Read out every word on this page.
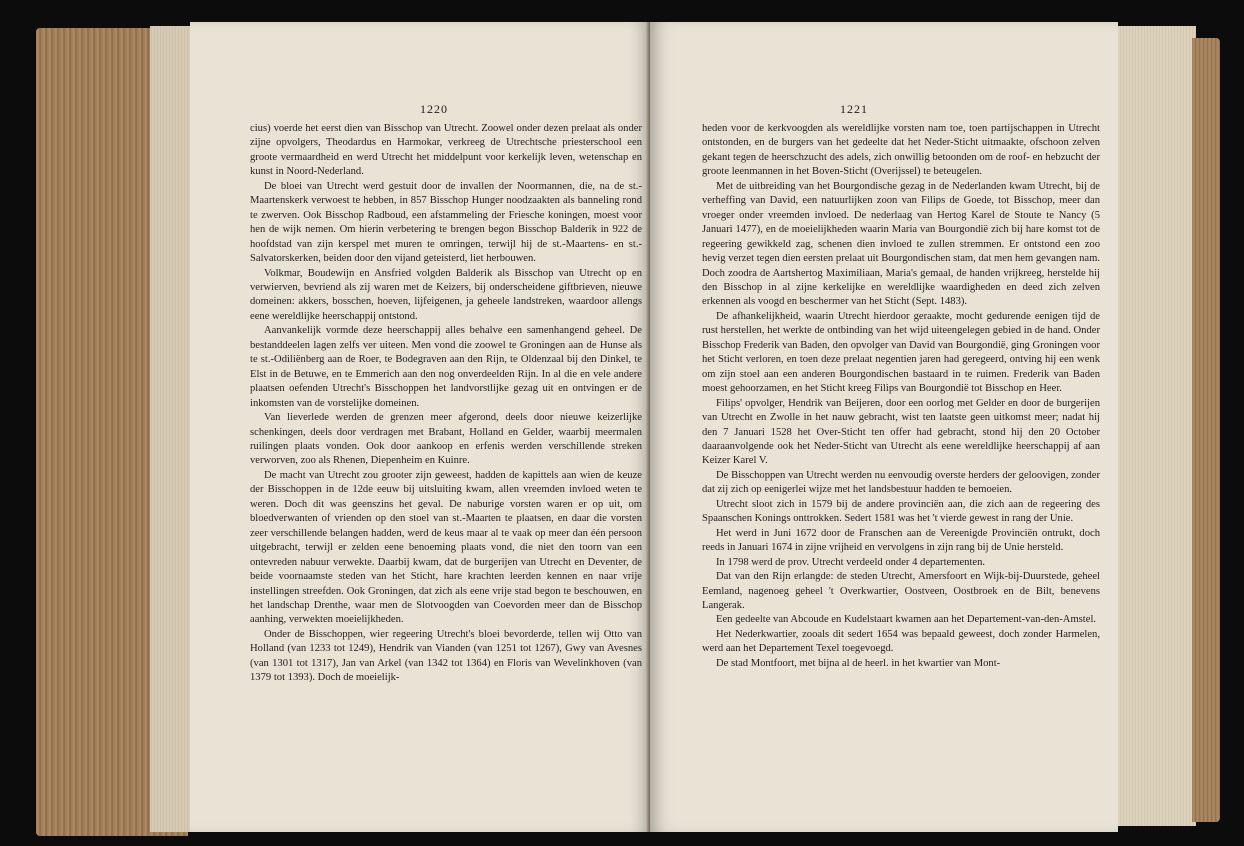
1220

cius) voerde het eerst dien van Bisschop van Utrecht. Zoowel onder dezen prelaat als onder zijne opvolgers, Theodardus en Harmokar, verkreeg de Utrechtsche priesterschool een groote vermaardheid en werd Utrecht het middelpunt voor kerkelijk leven, wetenschap en kunst in Noord-Nederland.

De bloei van Utrecht werd gestuit door de invallen der Noormannen, die, na de st.-Maartenskerk verwoest te hebben, in 857 Bisschop Hunger noodzaakten als banneling rond te zwerven. Ook Bisschop Radboud, een afstammeling der Friesche koningen, moest voor hen de wijk nemen. Om hierin verbetering te brengen begon Bisschop Balderik in 922 de hoofdstad van zijn kerspel met muren te omringen, terwijl hij de st.-Maartens- en st.-Salvatorskerken, beiden door den vijand geteisterd, liet herbouwen.

Volkmar, Boudewijn en Ansfried volgden Balderik als Bisschop van Utrecht op en verwierven, bevriend als zij waren met de Keizers, bij onderscheidene giftbrieven, nieuwe domeinen: akkers, bosschen, hoeven, lijfeigenen, ja geheele landstreken, waardoor allengs eene wereldlijke heerschappij ontstond.

Aanvankelijk vormde deze heerschappij alles behalve een samenhangend geheel. De bestanddeelen lagen zelfs ver uiteen. Men vond die zoowel te Groningen aan de Hunse als te st.-Odiliënberg aan de Roer, te Bodegraven aan den Rijn, te Oldenzaal bij den Dinkel, te Elst in de Betuwe, en te Emmerich aan den nog onverdeelden Rijn. In al die en vele andere plaatsen oefenden Utrecht's Bisschoppen het landvorstlijke gezag uit en ontvingen er de inkomsten van de vorstelijke domeinen.

Van lieverlede werden de grenzen meer afgerond, deels door nieuwe keizerlijke schenkingen, deels door verdragen met Brabant, Holland en Gelder, waarbij meermalen ruilingen plaats vonden. Ook door aankoop en erfenis werden verschillende streken verworven, zoo als Rhenen, Diepenheim en Kuinre.

De macht van Utrecht zou grooter zijn geweest, hadden de kapittels aan wien de keuze der Bisschoppen in de 12de eeuw bij uitsluiting kwam, allen vreemden invloed weten te weren. Doch dit was geenszins het geval. De naburige vorsten waren er op uit, om bloedverwanten of vrienden op den stoel van st.-Maarten te plaatsen, en daar die vorsten zeer verschillende belangen hadden, werd de keus maar al te vaak op meer dan één persoon uitgebracht, terwijl er zelden eene benoeming plaats vond, die niet den toorn van een ontevreden nabuur verwekte. Daarbij kwam, dat de burgerijen van Utrecht en Deventer, de beide voornaamste steden van het Sticht, hare krachten leerden kennen en naar vrije instellingen streefden. Ook Groningen, dat zich als eene vrije stad begon te beschouwen, en het landschap Drenthe, waar men de Slotvoogden van Coevorden meer dan de Bisschop aanhing, verwekten moeielijkheden.

Onder de Bisschoppen, wier regeering Utrecht's bloei bevorderde, tellen wij Otto van Holland (van 1233 tot 1249), Hendrik van Vianden (van 1251 tot 1267), Gwy van Avesnes (van 1301 tot 1317), Jan van Arkel (van 1342 tot 1364) en Floris van Wevelinkhoven (van 1379 tot 1393). Doch de moeielijk-

1221

heden voor de kerkvoogden als wereldlijke vorsten nam toe, toen partijschappen in Utrecht ontstonden, en de burgers van het gedeelte dat het Neder-Sticht uitmaakte, ofschoon zelven gekant tegen de heerschzucht des adels, zich onwillig betoonden om de roof- en hebzucht der groote leenmannen in het Boven-Sticht (Overijssel) te beteugelen.

Met de uitbreiding van het Bourgondische gezag in de Nederlanden kwam Utrecht, bij de verheffing van David, een natuurlijken zoon van Filips de Goede, tot Bisschop, meer dan vroeger onder vreemden invloed. De nederlaag van Hertog Karel de Stoute te Nancy (5 Januari 1477), en de moeielijkheden waarin Maria van Bourgondië zich bij hare komst tot de regeering gewikkeld zag, schenen dien invloed te zullen stremmen. Er ontstond een zoo hevig verzet tegen dien eersten prelaat uit Bourgondischen stam, dat men hem gevangen nam. Doch zoodra de Aartshertog Maximiliaan, Maria's gemaal, de handen vrijkreeg, herstelde hij den Bisschop in al zijne kerkelijke en wereldlijke waardigheden en deed zich zelven erkennen als voogd en beschermer van het Sticht (Sept. 1483).

De afhankelijkheid, waarin Utrecht hierdoor geraakte, mocht gedurende eenigen tijd de rust herstellen, het werkte de ontbinding van het wijd uiteengelegen gebied in de hand. Onder Bisschop Frederik van Baden, den opvolger van David van Bourgondië, ging Groningen voor het Sticht verloren, en toen deze prelaat negentien jaren had geregeerd, ontving hij een wenk om zijn stoel aan een anderen Bourgondischen bastaard in te ruimen. Frederik van Baden moest gehoorzamen, en het Sticht kreeg Filips van Bourgondië tot Bisschop en Heer.

Filips' opvolger, Hendrik van Beijeren, door een oorlog met Gelder en door de burgerijen van Utrecht en Zwolle in het nauw gebracht, wist ten laatste geen uitkomst meer; nadat hij den 7 Januari 1528 het Over-Sticht ten offer had gebracht, stond hij den 20 October daaraanvolgende ook het Neder-Sticht van Utrecht als eene wereldlijke heerschappij af aan Keizer Karel V.

De Bisschoppen van Utrecht werden nu eenvoudig overste herders der geloovigen, zonder dat zij zich op eenigerlei wijze met het landsbestuur hadden te bemoeien.

Utrecht sloot zich in 1579 bij de andere provinciën aan, die zich aan de regeering des Spaanschen Konings onttrokken. Sedert 1581 was het 't vierde gewest in rang der Unie.

Het werd in Juni 1672 door de Franschen aan de Vereenigde Provinciën ontrukt, doch reeds in Januari 1674 in zijne vrijheid en vervolgens in zijn rang bij de Unie hersteld.

In 1798 werd de prov. Utrecht verdeeld onder 4 departementen.

Dat van den Rijn erlangde: de steden Utrecht, Amersfoort en Wijk-bij-Duurstede, geheel Eemland, nagenoeg geheel 't Overkwartier, Oostveen, Oostbroek en de Bilt, benevens Langerak.

Een gedeelte van Abcoude en Kudelstaart kwamen aan het Departement-van-den-Amstel.

Het Nederkwartier, zooals dit sedert 1654 was bepaald geweest, doch zonder Harmelen, werd aan het Departement Texel toegevoegd.

De stad Montfoort, met bijna al de heerl. in het kwartier van Mont-
